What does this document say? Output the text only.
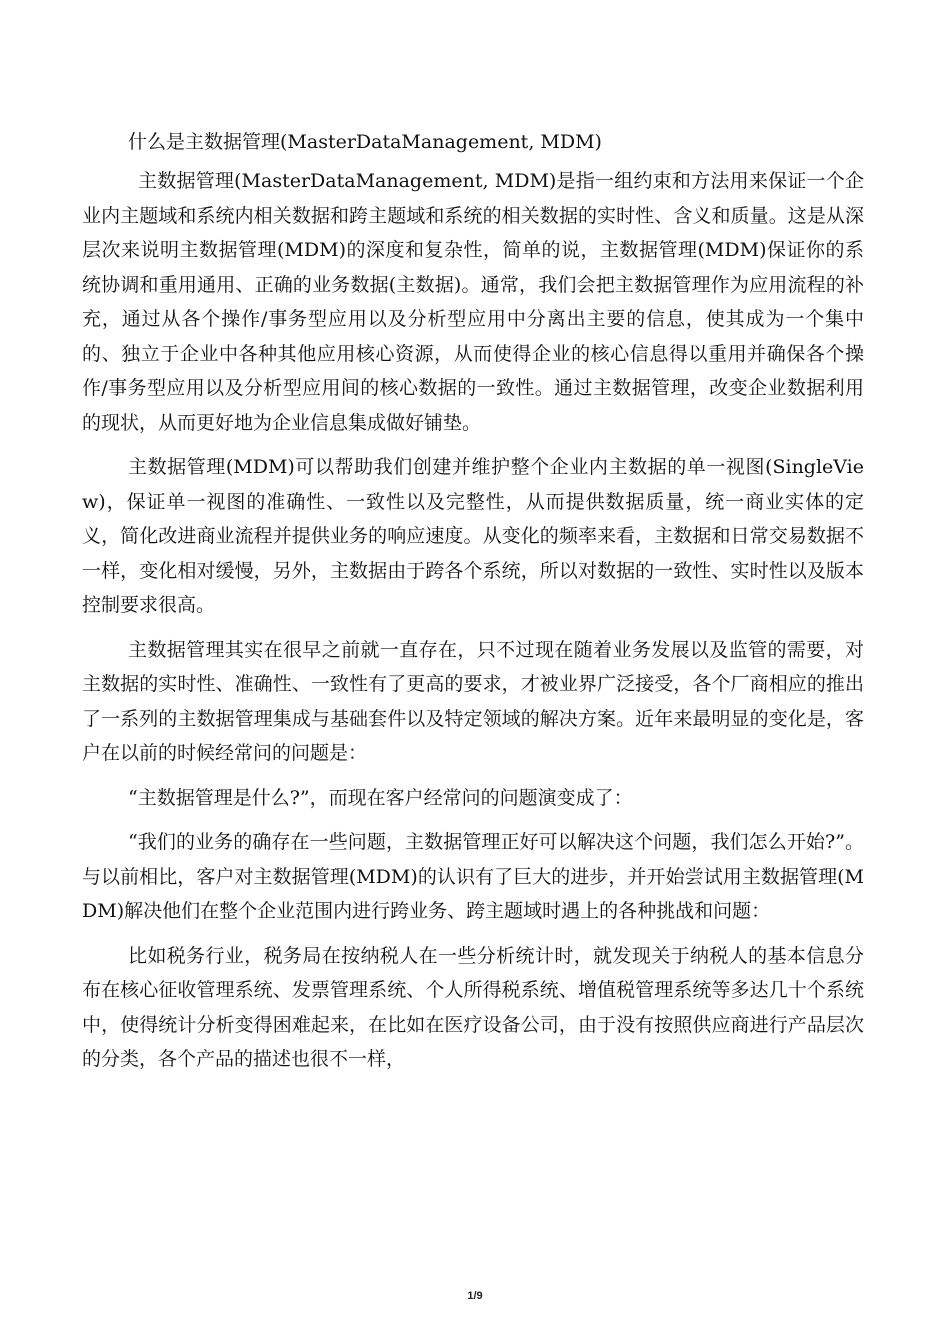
什么是主数据管理(MasterDataManagement, MDM)

主数据管理(MasterDataManagement, MDM)是指一组约束和方法用来保证一个企业内主题域和系统内相关数据和跨主题域和系统的相关数据的实时性、含义和质量。这是从深层次来说明主数据管理(MDM)的深度和复杂性，简单的说，主数据管理(MDM)保证你的系统协调和重用通用、正确的业务数据(主数据)。通常，我们会把主数据管理作为应用流程的补充，通过从各个操作/事务型应用以及分析型应用中分离出主要的信息，使其成为一个集中的、独立于企业中各种其他应用核心资源，从而使得企业的核心信息得以重用并确保各个操作/事务型应用以及分析型应用间的核心数据的一致性。通过主数据管理，改变企业数据利用的现状，从而更好地为企业信息集成做好铺垫。

主数据管理(MDM)可以帮助我们创建并维护整个企业内主数据的单一视图(SingleView)，保证单一视图的准确性、一致性以及完整性，从而提供数据质量，统一商业实体的定义，简化改进商业流程并提供业务的响应速度。从变化的频率来看，主数据和日常交易数据不一样，变化相对缓慢，另外，主数据由于跨各个系统，所以对数据的一致性、实时性以及版本控制要求很高。

主数据管理其实在很早之前就一直存在，只不过现在随着业务发展以及监管的需要，对主数据的实时性、准确性、一致性有了更高的要求，才被业界广泛接受，各个厂商相应的推出了一系列的主数据管理集成与基础套件以及特定领域的解决方案。近年来最明显的变化是，客户在以前的时候经常问的问题是：

“主数据管理是什么?”，而现在客户经常问的问题演变成了：

“我们的业务的确存在一些问题，主数据管理正好可以解决这个问题，我们怎么开始?”。与以前相比，客户对主数据管理(MDM)的认识有了巨大的进步，并开始尝试用主数据管理(MDM)解决他们在整个企业范围内进行跨业务、跨主题域时遇上的各种挑战和问题：

比如税务行业，税务局在按纳税人在一些分析统计时，就发现关于纳税人的基本信息分布在核心征收管理系统、发票管理系统、个人所得税系统、增值税管理系统等多达几十个系统中，使得统计分析变得困难起来，在比如在医疗设备公司，由于没有按照供应商进行产品层次的分类，各个产品的描述也很不一样，

1/9
